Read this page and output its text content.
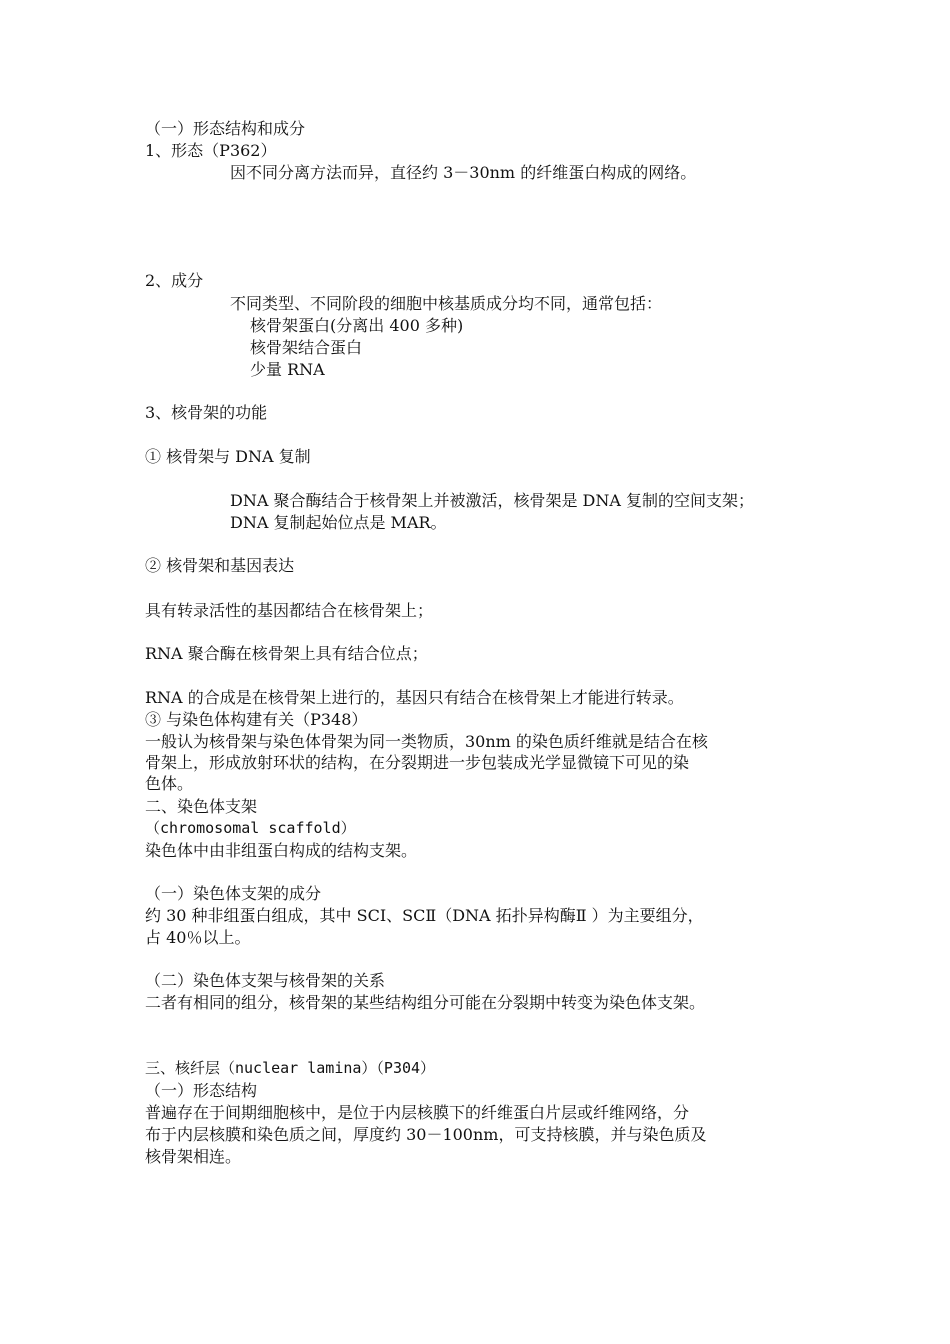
（一）形态结构和成分
1、形态（P362）
因不同分离方法而异，直径约 3－30nm 的纤维蛋白构成的网络。
2、成分
不同类型、不同阶段的细胞中核基质成分均不同，通常包括：
核骨架蛋白(分离出 400 多种)
核骨架结合蛋白
少量 RNA
3、核骨架的功能
① 核骨架与 DNA 复制
DNA 聚合酶结合于核骨架上并被激活，核骨架是 DNA 复制的空间支架；
DNA 复制起始位点是 MAR。
② 核骨架和基因表达
具有转录活性的基因都结合在核骨架上；
RNA 聚合酶在核骨架上具有结合位点；
RNA 的合成是在核骨架上进行的，基因只有结合在核骨架上才能进行转录。
③ 与染色体构建有关（P348）
一般认为核骨架与染色体骨架为同一类物质，30nm 的染色质纤维就是结合在核
骨架上，形成放射环状的结构，在分裂期进一步包装成光学显微镜下可见的染
色体。
二、染色体支架
（chromosomal scaffold）
染色体中由非组蛋白构成的结构支架。
（一）染色体支架的成分
约 30 种非组蛋白组成，其中 SCⅠ、SCⅡ（DNA 拓扑异构酶Ⅱ ）为主要组分，
占 40％以上。
（二）染色体支架与核骨架的关系
二者有相同的组分，核骨架的某些结构组分可能在分裂期中转变为染色体支架。
三、核纤层（nuclear lamina）（P304）
（一）形态结构
普遍存在于间期细胞核中，是位于内层核膜下的纤维蛋白片层或纤维网络，分
布于内层核膜和染色质之间，厚度约 30－100nm，可支持核膜，并与染色质及
核骨架相连。
